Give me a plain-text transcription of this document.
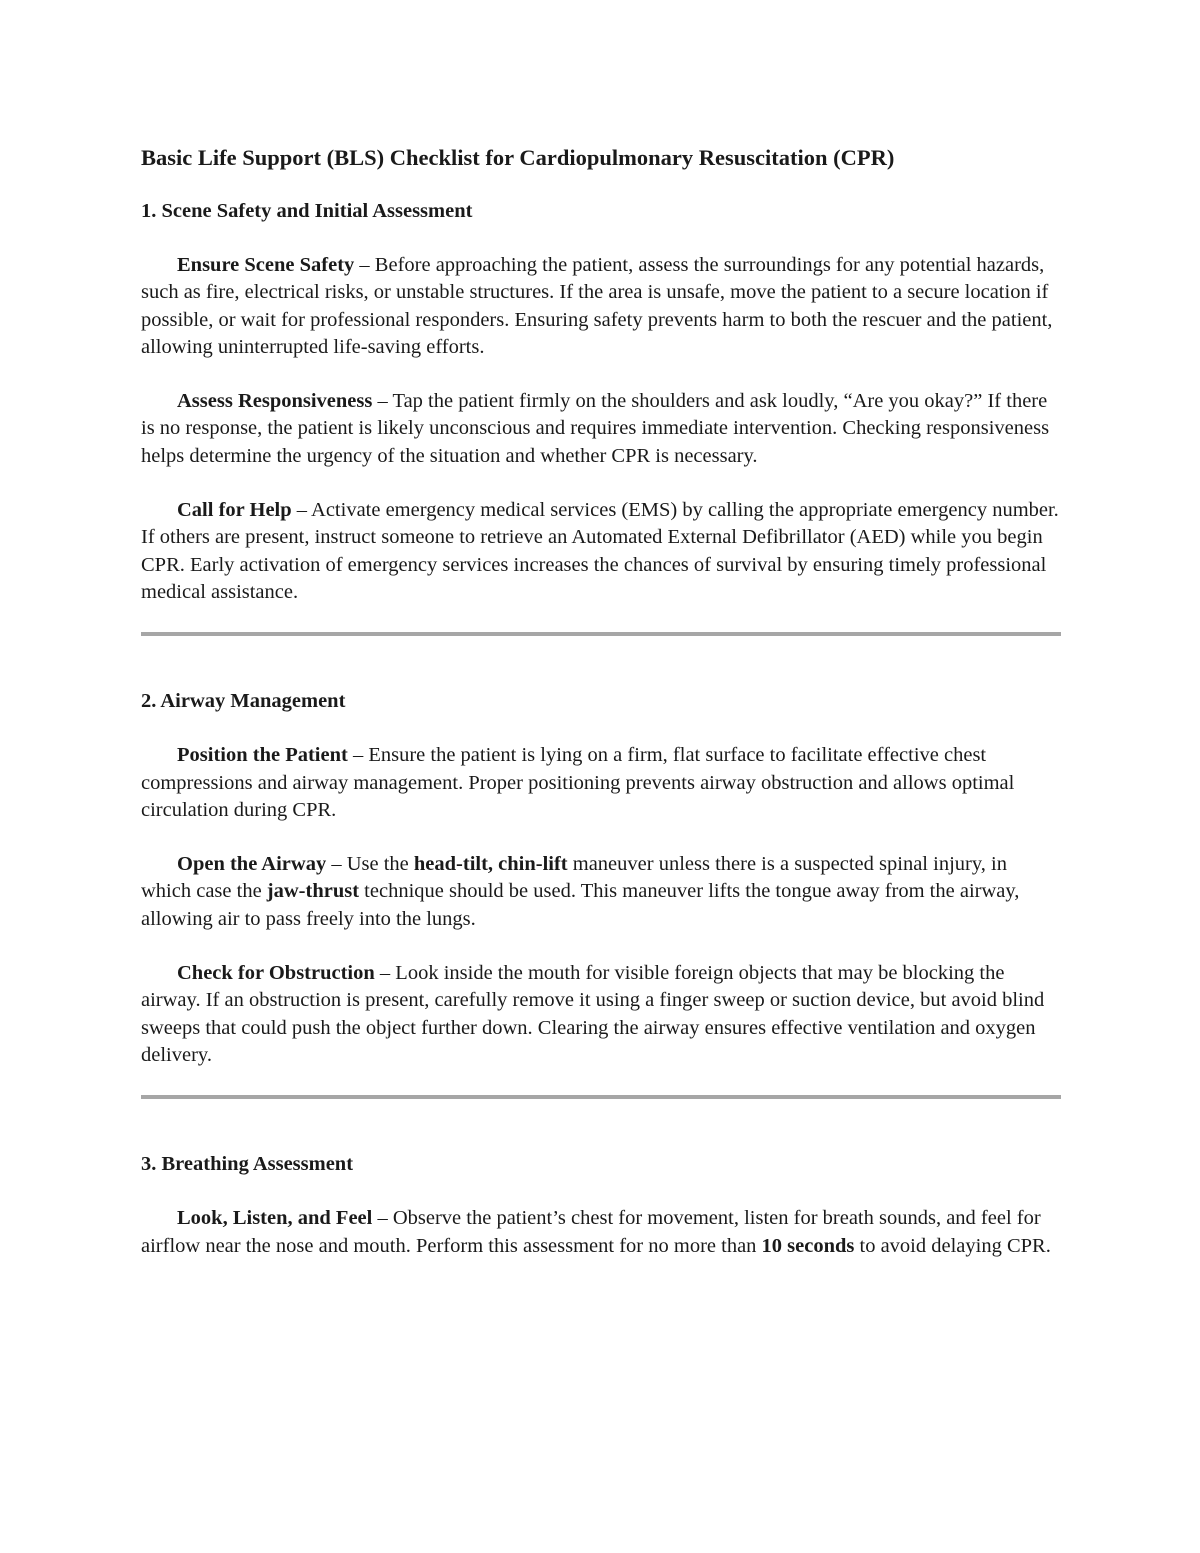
Basic Life Support (BLS) Checklist for Cardiopulmonary Resuscitation (CPR)
1. Scene Safety and Initial Assessment

Ensure Scene Safety – Before approaching the patient, assess the surroundings for any potential hazards, such as fire, electrical risks, or unstable structures. If the area is unsafe, move the patient to a secure location if possible, or wait for professional responders. Ensuring safety prevents harm to both the rescuer and the patient, allowing uninterrupted life-saving efforts.

Assess Responsiveness – Tap the patient firmly on the shoulders and ask loudly, “Are you okay?” If there is no response, the patient is likely unconscious and requires immediate intervention. Checking responsiveness helps determine the urgency of the situation and whether CPR is necessary.

Call for Help – Activate emergency medical services (EMS) by calling the appropriate emergency number. If others are present, instruct someone to retrieve an Automated External Defibrillator (AED) while you begin CPR. Early activation of emergency services increases the chances of survival by ensuring timely professional medical assistance.

2. Airway Management

Position the Patient – Ensure the patient is lying on a firm, flat surface to facilitate effective chest compressions and airway management. Proper positioning prevents airway obstruction and allows optimal circulation during CPR.

Open the Airway – Use the head-tilt, chin-lift maneuver unless there is a suspected spinal injury, in which case the jaw-thrust technique should be used. This maneuver lifts the tongue away from the airway, allowing air to pass freely into the lungs.

Check for Obstruction – Look inside the mouth for visible foreign objects that may be blocking the airway. If an obstruction is present, carefully remove it using a finger sweep or suction device, but avoid blind sweeps that could push the object further down. Clearing the airway ensures effective ventilation and oxygen delivery.

3. Breathing Assessment

Look, Listen, and Feel – Observe the patient’s chest for movement, listen for breath sounds, and feel for airflow near the nose and mouth. Perform this assessment for no more than 10 seconds to avoid delaying CPR.
